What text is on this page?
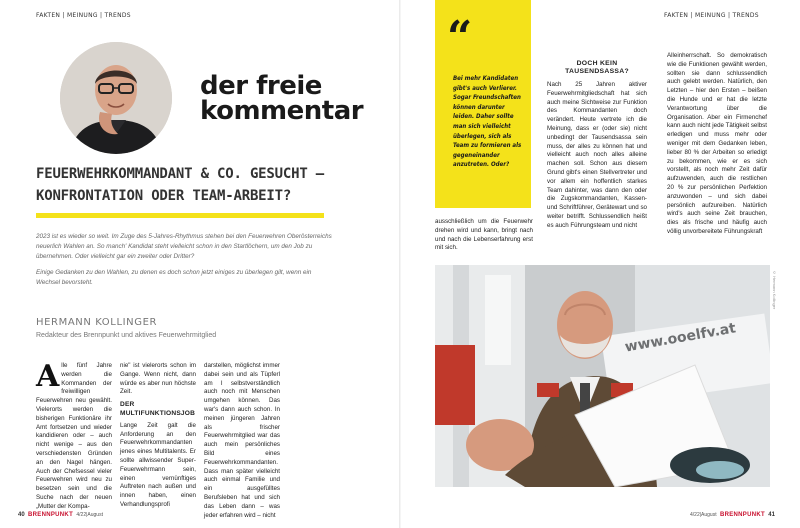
FAKTEN | MEINUNG | TRENDS
der freie
kommentar
FEUERWEHRKOMMANDANT & CO. GESUCHT –
KONFRONTATION ODER TEAM-ARBEIT?

2023 ist es wieder so weit. Im Zuge des 5-Jahres-Rhythmus stehen bei den Feuerwehren Oberösterreichs neuerlich Wahlen an. So manch' Kandidat steht vielleicht schon in den Startlöchern, um den Job zu übernehmen. Oder vielleicht gar ein zweiter oder Dritter?

Einige Gedanken zu den Wahlen, zu denen es doch schon jetzt einiges zu überlegen gilt, wenn ein Wechsel bevorsteht.

HERMANN KOLLINGER
Redakteur des Brennpunkt und aktives Feuerwehrmitglied
A lle fünf Jahre werden die Kommanden der freiwilligen Feuerwehren neu gewählt. Vielerorts werden die bisherigen Funktionäre ihr Amt fortsetzen und wieder kandidieren oder – auch nicht wenige – aus den verschiedensten Gründen an den Nagel hängen. Auch der Chefsessel vieler Feuerwehren wird neu zu besetzen sein und die Suche nach der neuen „Mutter der Kompa-
nie" ist vielerorts schon im Gange. Wenn nicht, dann würde es aber nun höchste Zeit.
DER MULTIFUNKTIONSJOB
Lange Zeit galt die Anforderung an den Feuerwehrkommandanten jenes eines Multitalents. Er sollte allwissender Super-Feuerwehrmann sein, einen vernünftiges Auftreten nach außen und innen haben, einen Verhandlungsprofi
darstellen, möglichst immer dabei sein und als Tüpferl am I selbstverständlich auch noch mit Menschen umgehen können. Das war's dann auch schon. In meinen jüngeren Jahren als frischer Feuerwehrmitglied war das auch mein persönliches Bild eines Feuerwehrkommandanten. Dass man später vielleicht auch einmal Familie und ein ausgefülltes Berufsleben hat und sich das Leben dann – was jeder erfahren wird – nicht
40 BRENNPUNKT 4/22|August
FAKTEN | MEINUNG | TRENDS
“
Bei mehr Kandidaten gibt's auch Verlierer. Sogar Freundschaften können darunter leiden. Daher sollte man sich vielleicht überlegen, sich als Team zu formieren als gegeneinander anzutreten. Oder?
ausschließlich um die Feuerwehr drehen wird und kann, bringt nach und nach die Lebenserfahrung erst mit sich.
DOCH KEIN TAUSENDSASSA?
Nach 25 Jahren aktiver Feuerwehrmitgliedschaft hat sich auch meine Sichtweise zur Funktion des Kommandanten doch verändert. Heute vertrete ich die Meinung, dass er (oder sie) nicht unbedingt der Tausendsassa sein muss, der alles zu können hat und vielleicht auch noch alles alleine machen soll. Schon aus diesem Grund gibt's einen Stellvertreter und vor allem ein hoffentlich starkes Team dahinter, was dann den oder die Zugskommandanten, Kassen- und Schriftführer, Gerätewart und so weiter betrifft. Schlussendlich heißt es auch Führungsteam und nicht
Alleinherrschaft. So demokratisch wie die Funktionen gewählt werden, sollten sie dann schlussendlich auch gelebt werden. Natürlich, den Letzten – hier den Ersten – beißen die Hunde und er hat die letzte Verantwortung über die Organisation. Aber ein Firmenchef kann auch nicht jede Tätigkeit selbst erledigen und muss mehr oder weniger mit dem Gedanken leben, lieber 80 % der Arbeiten so erledigt zu bekommen, wie er es sich vorstellt, als noch mehr Zeit dafür aufzuwenden, auch die restlichen 20 % zur persönlichen Perfektion anzuwonden – und sich dabei persönlich aufzureiben. Natürlich wird's auch seine Zeit brauchen, dies als frische und häufig auch völlig unvorbereitete Führungskraft
www.ooelfv.at
© Hermann Kollinger
4/22|August BRENNPUNKT 41
